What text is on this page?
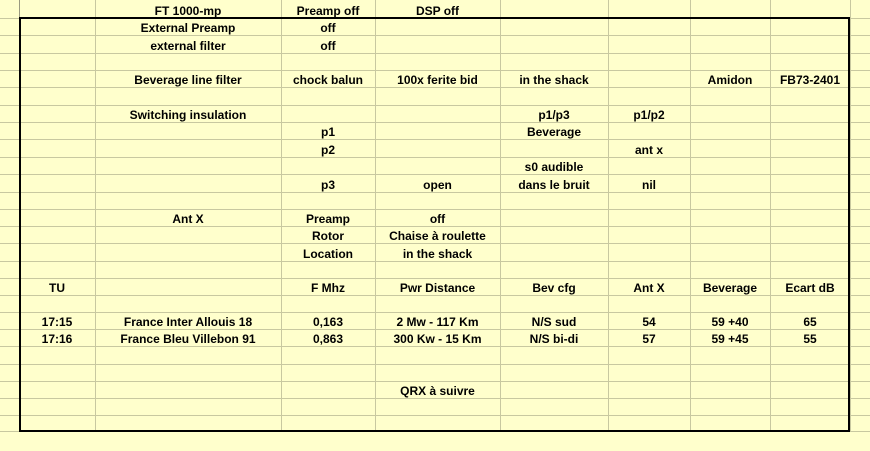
		FT 1000-mp	Preamp off	DSP off					
		External Preamp	off						
		external filter	off						

		Beverage line filter	chock balun	100x ferite bid	in the shack		Amidon	FB73-2401	

		Switching insulation			p1/p3	p1/p2			
			p1		Beverage				
			p2			ant x			
					s0 audible				
			p3	open	dans le bruit	nil			

		Ant X	Preamp	off					
			Rotor	Chaise à roulette					
			Location	in the shack					

	TU		F Mhz	Pwr Distance	Bev cfg	Ant X	Beverage	Ecart dB	

	17:15	France Inter Allouis 18	0,163	2 Mw - 117 Km	N/S sud	54	59 +40	65	
	17:16	France Bleu Villebon 91	0,863	300 Kw - 15 Km	N/S bi-di	57	59 +45	55	

				QRX à suivre					
